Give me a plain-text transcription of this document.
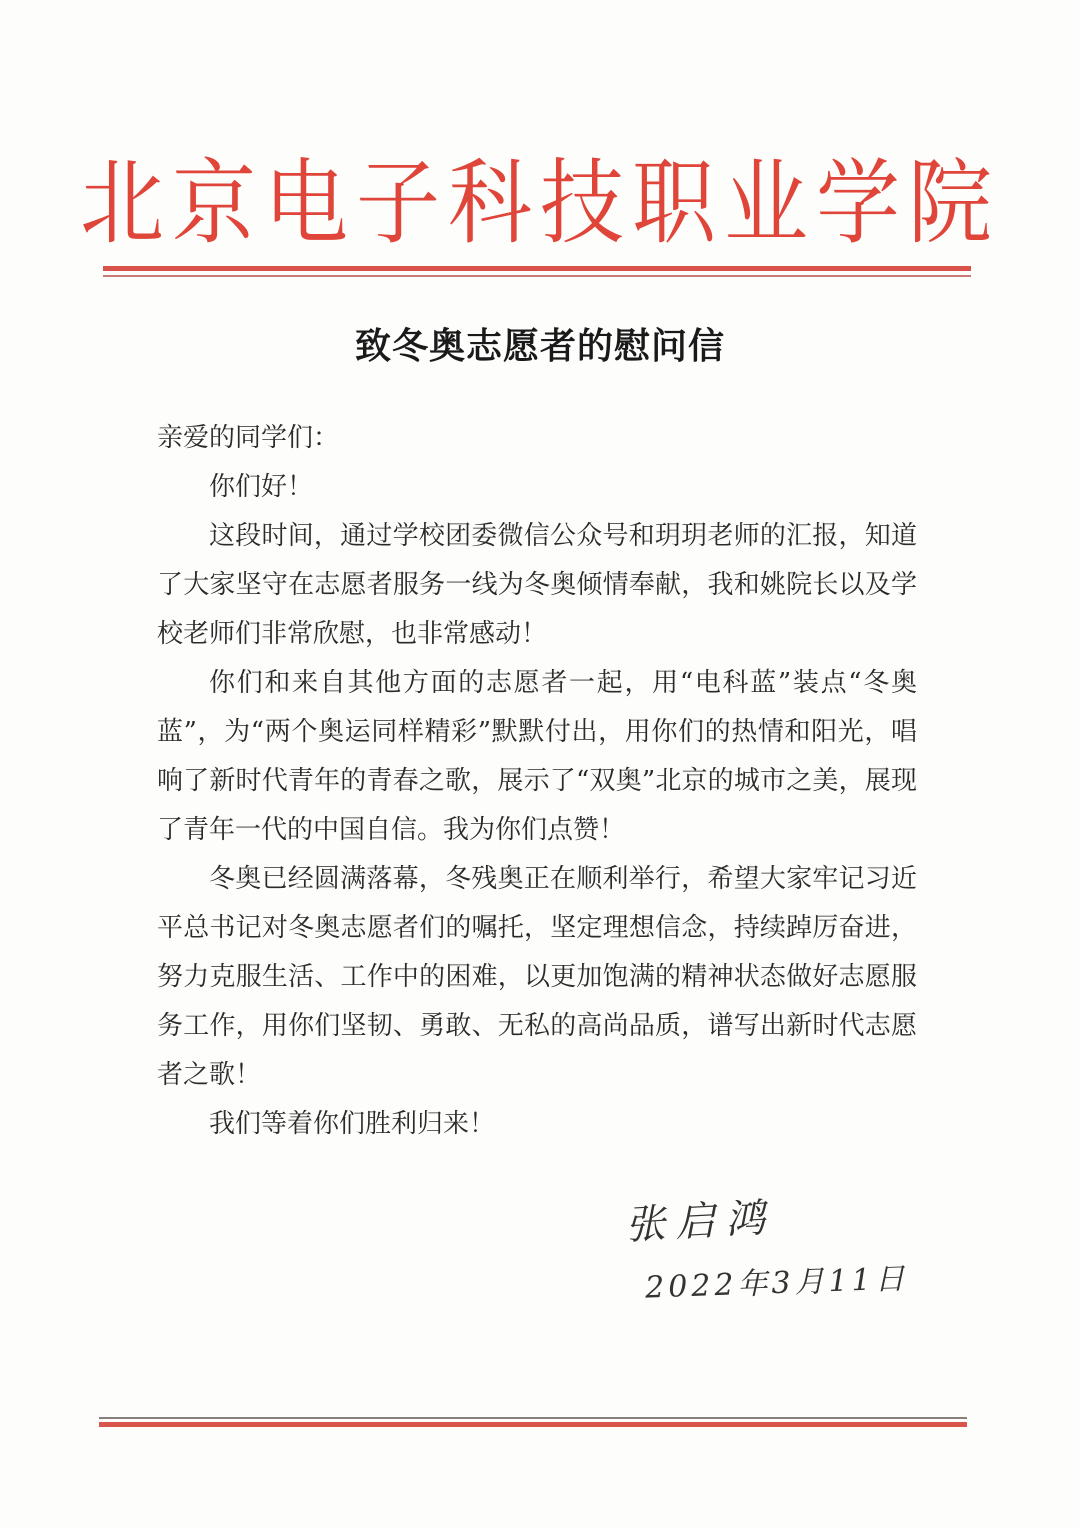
北京电子科技职业学院
致冬奥志愿者的慰问信

亲爱的同学们：

你们好！

这段时间，通过学校团委微信公众号和玥玥老师的汇报，知道了大家坚守在志愿者服务一线为冬奥倾情奉献，我和姚院长以及学校老师们非常欣慰，也非常感动！

你们和来自其他方面的志愿者一起，用“电科蓝”装点“冬奥蓝”，为“两个奥运同样精彩”默默付出，用你们的热情和阳光，唱响了新时代青年的青春之歌，展示了“双奥”北京的城市之美，展现了青年一代的中国自信。我为你们点赞！

冬奥已经圆满落幕，冬残奥正在顺利举行，希望大家牢记习近平总书记对冬奥志愿者们的嘱托，坚定理想信念，持续踔厉奋进，努力克服生活、工作中的困难，以更加饱满的精神状态做好志愿服务工作，用你们坚韧、勇敢、无私的高尚品质，谱写出新时代志愿者之歌！

我们等着你们胜利归来！

张启鸿
2022年3月11日
